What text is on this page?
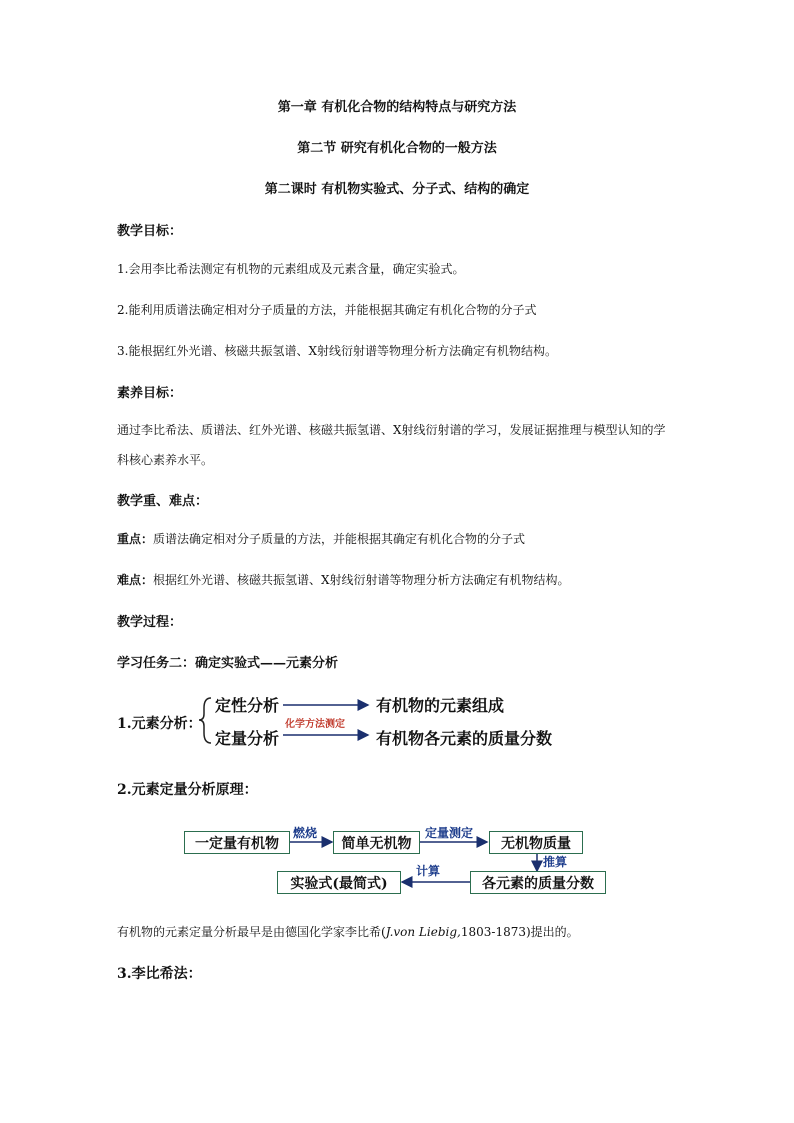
第一章 有机化合物的结构特点与研究方法
第二节 研究有机化合物的一般方法
第二课时 有机物实验式、分子式、结构的确定
教学目标：
1.会用李比希法测定有机物的元素组成及元素含量，确定实验式。
2.能利用质谱法确定相对分子质量的方法，并能根据其确定有机化合物的分子式
3.能根据红外光谱、核磁共振氢谱、X射线衍射谱等物理分析方法确定有机物结构。
素养目标：
通过李比希法、质谱法、红外光谱、核磁共振氢谱、X射线衍射谱的学习，发展证据推理与模型认知的学科核心素养水平。
教学重、难点：
重点：质谱法确定相对分子质量的方法，并能根据其确定有机化合物的分子式
难点：根据红外光谱、核磁共振氢谱、X射线衍射谱等物理分析方法确定有机物结构。
教学过程：
学习任务二：确定实验式——元素分析
1.元素分析：
定性分析
定量分析
有机物的元素组成
有机物各元素的质量分数
化学方法测定
2.元素定量分析原理：
一定量有机物
燃烧
简单无机物
定量测定
无机物质量
推算
各元素的质量分数
计算
实验式(最简式)
有机物的元素定量分析最早是由德国化学家李比希(J.von Liebig,1803-1873)提出的。
3.李比希法：
